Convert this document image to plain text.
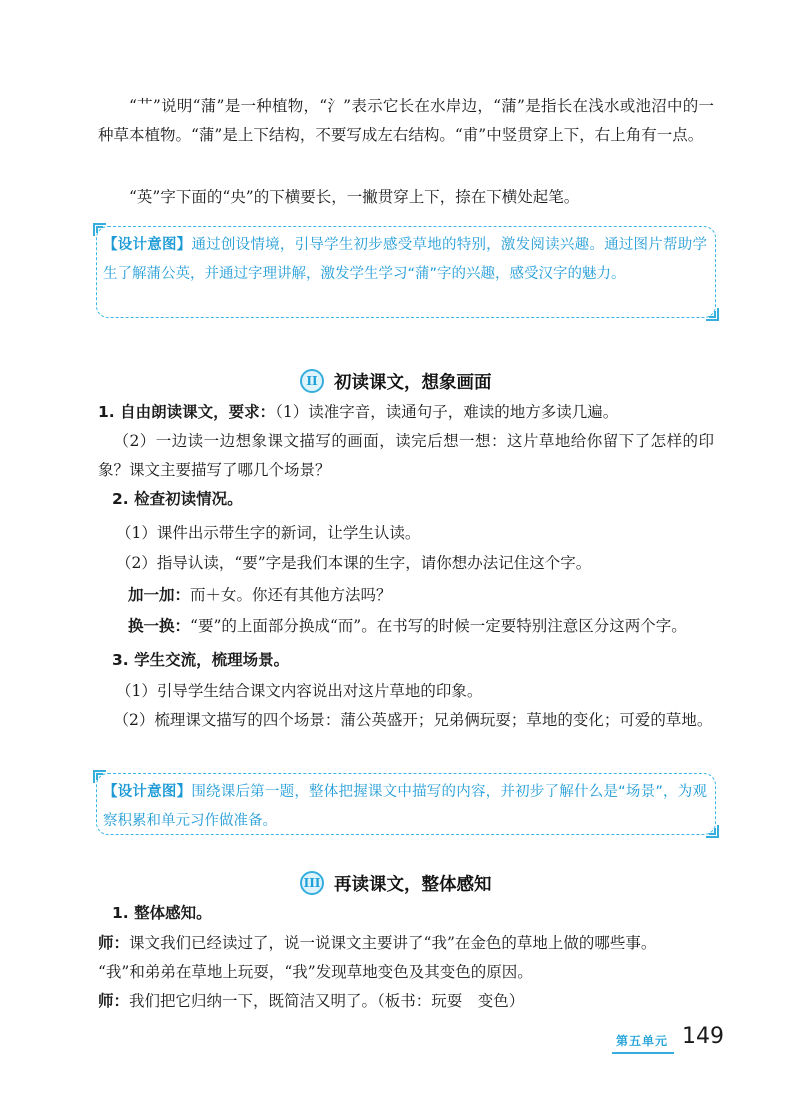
“艹”说明“蒲”是一种植物，“氵”表示它长在水岸边，“蒲”是指长在浅水或池沼中的一种草本植物。“蒲”是上下结构，不要写成左右结构。“甫”中竖贯穿上下，右上角有一点。

“英”字下面的“央”的下横要长，一撇贯穿上下，捺在下横处起笔。

【设计意图】通过创设情境，引导学生初步感受草地的特别，激发阅读兴趣。通过图片帮助学生了解蒲公英，并通过字理讲解，激发学生学习“蒲”字的兴趣，感受汉字的魅力。
II 初读课文，想象画面
1. 自由朗读课文，要求：（1）读准字音，读通句子，难读的地方多读几遍。

（2）一边读一边想象课文描写的画面，读完后想一想：这片草地给你留下了怎样的印象？课文主要描写了哪几个场景？

2. 检查初读情况。
（1）课件出示带生字的新词，让学生认读。
（2）指导认读，“要”字是我们本课的生字，请你想办法记住这个字。
加一加：而＋女。你还有其他方法吗？
换一换：“要”的上面部分换成“而”。在书写的时候一定要特别注意区分这两个字。
3. 学生交流，梳理场景。
（1）引导学生结合课文内容说出对这片草地的印象。

（2）梳理课文描写的四个场景：蒲公英盛开；兄弟俩玩耍；草地的变化；可爱的草地。

【设计意图】围绕课后第一题，整体把握课文中描写的内容，并初步了解什么是“场景”，为观察积累和单元习作做准备。
III 再读课文，整体感知
1. 整体感知。
师：课文我们已经读过了，说一说课文主要讲了“我”在金色的草地上做的哪些事。
“我”和弟弟在草地上玩耍，“我”发现草地变色及其变色的原因。
师：我们把它归纳一下，既简洁又明了。（板书：玩耍　变色）
第五单元 149
